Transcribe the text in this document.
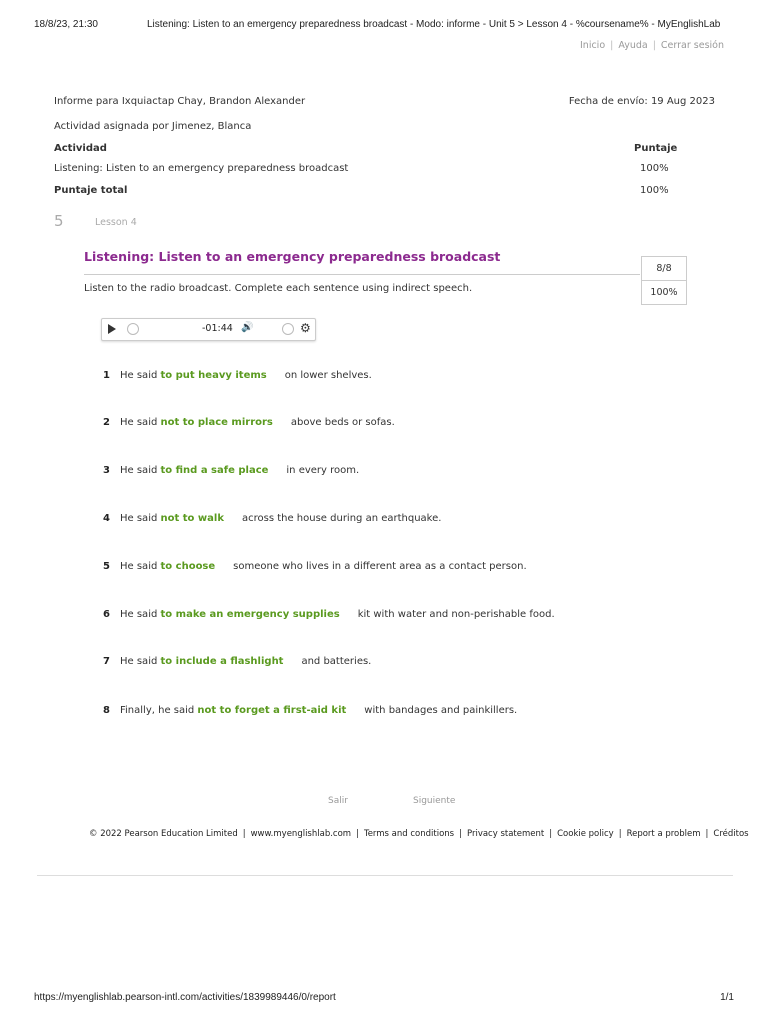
18/8/23, 21:30	Listening: Listen to an emergency preparedness broadcast - Modo: informe - Unit 5 > Lesson 4 - %coursename% - MyEnglishLab
Inicio | Ayuda | Cerrar sesión
Informe para Ixquiactap Chay, Brandon Alexander	Fecha de envío: 19 Aug 2023
Actividad asignada por Jimenez, Blanca
Actividad	Puntaje
Listening: Listen to an emergency preparedness broadcast	100%
Puntaje total	100%
5	Lesson 4
Listening: Listen to an emergency preparedness broadcast
8/8
100%
Listen to the radio broadcast. Complete each sentence using indirect speech.
-01:44 🔊	⚙
1 He said to put heavy items on lower shelves.
2 He said not to place mirrors above beds or sofas.
3 He said to find a safe place in every room.
4 He said not to walk across the house during an earthquake.
5 He said to choose someone who lives in a different area as a contact person.
6 He said to make an emergency supplies kit with water and non-perishable food.
7 He said to include a flashlight and batteries.
8 Finally, he said not to forget a first-aid kit with bandages and painkillers.
Salir	Siguiente
© 2022 Pearson Education Limited | www.myenglishlab.com | Terms and conditions | Privacy statement | Cookie policy | Report a problem | Créditos
https://myenglishlab.pearson-intl.com/activities/1839989446/0/report	1/1
